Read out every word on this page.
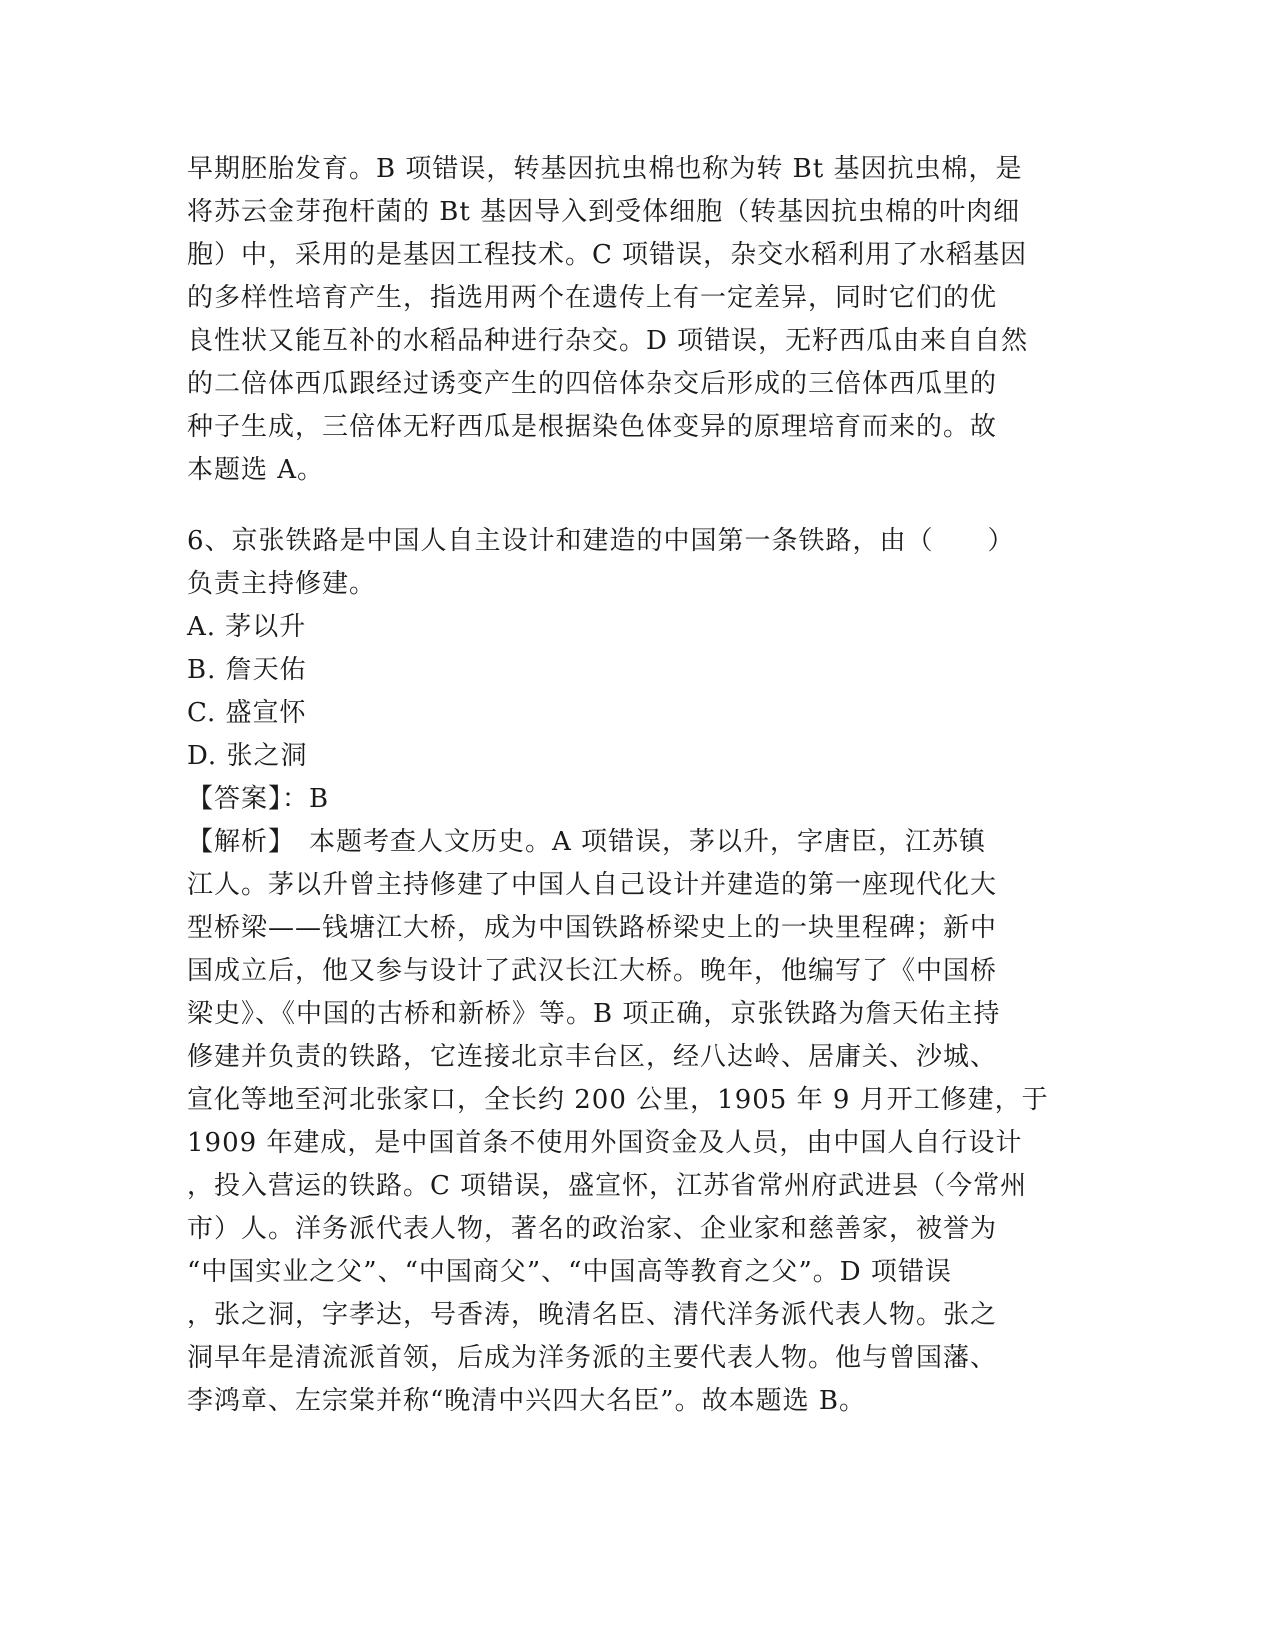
早期胚胎发育。B 项错误，转基因抗虫棉也称为转 Bt 基因抗虫棉，是
将苏云金芽孢杆菌的 Bt 基因导入到受体细胞（转基因抗虫棉的叶肉细
胞）中，采用的是基因工程技术。C 项错误，杂交水稻利用了水稻基因
的多样性培育产生，指选用两个在遗传上有一定差异，同时它们的优
良性状又能互补的水稻品种进行杂交。D 项错误，无籽西瓜由来自自然
的二倍体西瓜跟经过诱变产生的四倍体杂交后形成的三倍体西瓜里的
种子生成，三倍体无籽西瓜是根据染色体变异的原理培育而来的。故
本题选 A。
6、京张铁路是中国人自主设计和建造的中国第一条铁路，由（　　）
负责主持修建。
A. 茅以升
B. 詹天佑
C. 盛宣怀
D. 张之洞
【答案】：B
【解析】　本题考查人文历史。A 项错误，茅以升，字唐臣，江苏镇
江人。茅以升曾主持修建了中国人自己设计并建造的第一座现代化大
型桥梁——钱塘江大桥，成为中国铁路桥梁史上的一块里程碑；新中
国成立后，他又参与设计了武汉长江大桥。晚年，他编写了《中国桥
梁史》、《中国的古桥和新桥》等。B 项正确，京张铁路为詹天佑主持
修建并负责的铁路，它连接北京丰台区，经八达岭、居庸关、沙城、
宣化等地至河北张家口，全长约 200 公里，1905 年 9 月开工修建，于
1909 年建成，是中国首条不使用外国资金及人员，由中国人自行设计
，投入营运的铁路。C 项错误，盛宣怀，江苏省常州府武进县（今常州
市）人。洋务派代表人物，著名的政治家、企业家和慈善家，被誉为
“中国实业之父”、“中国商父”、“中国高等教育之父”。D 项错误
，张之洞，字孝达，号香涛，晚清名臣、清代洋务派代表人物。张之
洞早年是清流派首领，后成为洋务派的主要代表人物。他与曾国藩、
李鸿章、左宗棠并称“晚清中兴四大名臣”。故本题选 B。
